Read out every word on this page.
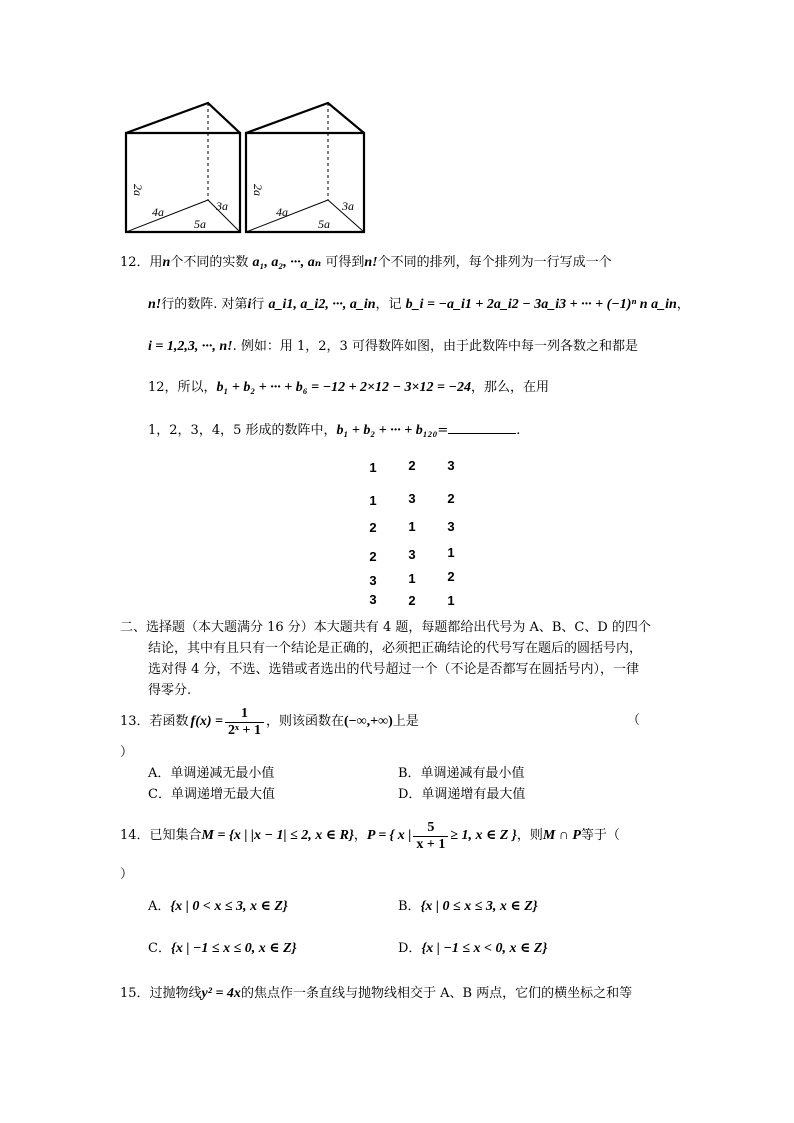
2a
4a
5a
3a
2a
4a
5a
3a
12．用n个不同的实数 a₁, a₂, ···, aₙ 可得到n!个不同的排列，每个排列为一行写成一个
n!行的数阵. 对第i行 a_i1, a_i2, ···, a_in，记 b_i = −a_i1 + 2a_i2 − 3a_i3 + ··· + (−1)ⁿ n a_in，
i = 1,2,3, ···, n!. 例如：用 1，2，3 可得数阵如图，由于此数阵中每一列各数之和都是
12，所以，b₁ + b₂ + ··· + b₆ = −12 + 2×12 − 3×12 = −24，那么，在用
1，2，3，4，5 形成的数阵中，b₁ + b₂ + ··· + b₁₂₀=	.
1 2 3
1 3 2
2 1 3
2 3 1
3 1 2
3 2 1
二、选择题（本大题满分 16 分）本大题共有 4 题，每题都给出代号为 A、B、C、D 的四个
结论，其中有且只有一个结论是正确的，必须把正确结论的代号写在题后的圆括号内，
选对得 4 分，不选、选错或者选出的代号超过一个（不论是否都写在圆括号内），一律
得零分.
13．若函数 $f(x) = \frac{1}{\text{2ˣ + 1}}$ ，则该函数在 (−∞,+∞) 上是	（
）
A．单调递减无最小值	B．单调递减有最小值
C．单调递增无最大值	D．单调递增有最大值
14．已知集合 M = {x | |x − 1| ≤ 2, x ∈ R} ， P = { x | $\frac{5}{x + 1} \ge 1$, x ∈ Z } ，则 M ∩ P 等于（
）
A．{x | 0 < x ≤ 3, x ∈ Z}	B．{x | 0 ≤ x ≤ 3, x ∈ Z}
C．{x | −1 ≤ x ≤ 0, x ∈ Z}	D．{x | −1 ≤ x < 0, x ∈ Z}
15．过抛物线y² = 4x的焦点作一条直线与抛物线相交于 A、B 两点，它们的横坐标之和等
